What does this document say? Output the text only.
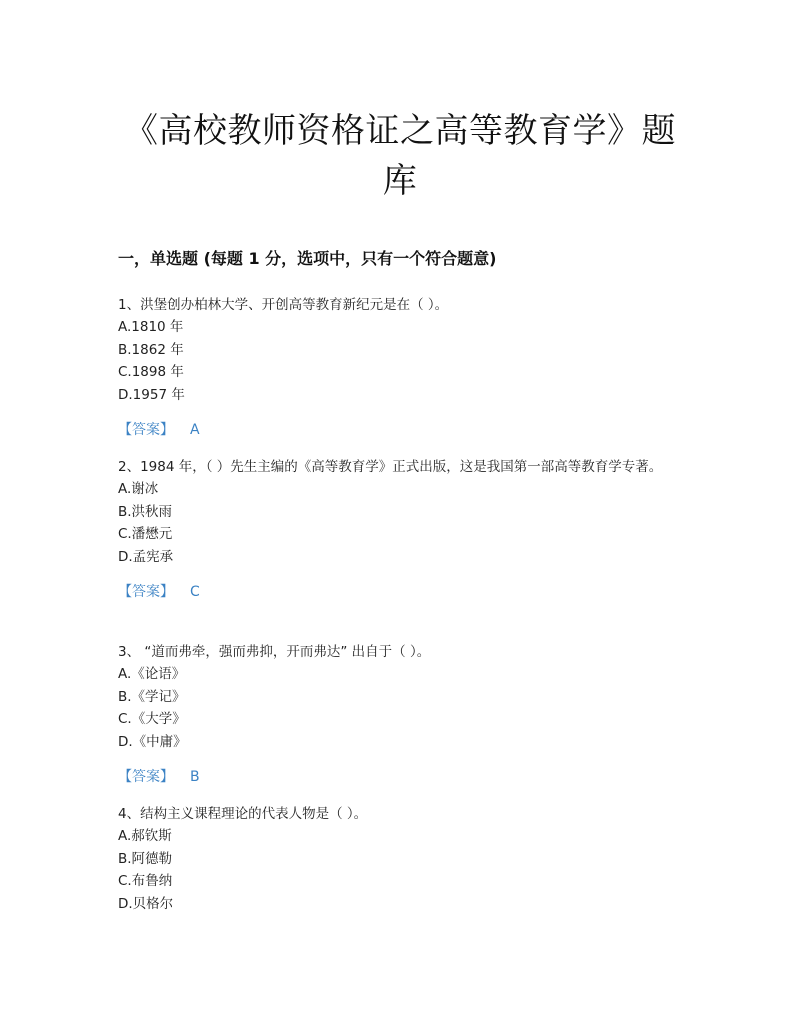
《高校教师资格证之高等教育学》题
库
一，单选题 (每题 1 分，选项中，只有一个符合题意)
1、洪堡创办柏林大学、开创高等教育新纪元是在（ ）。
A.1810 年
B.1862 年
C.1898 年
D.1957 年
【答案】 A
2、1984 年，（ ）先生主编的《高等教育学》正式出版，这是我国第一部高等教育学专著。
A.谢冰
B.洪秋雨
C.潘懋元
D.孟宪承
【答案】 C
3、 “道而弗牵，强而弗抑，开而弗达” 出自于（ ）。
A.《论语》
B.《学记》
C.《大学》
D.《中庸》
【答案】 B
4、结构主义课程理论的代表人物是（ ）。
A.郝钦斯
B.阿德勒
C.布鲁纳
D.贝格尔
